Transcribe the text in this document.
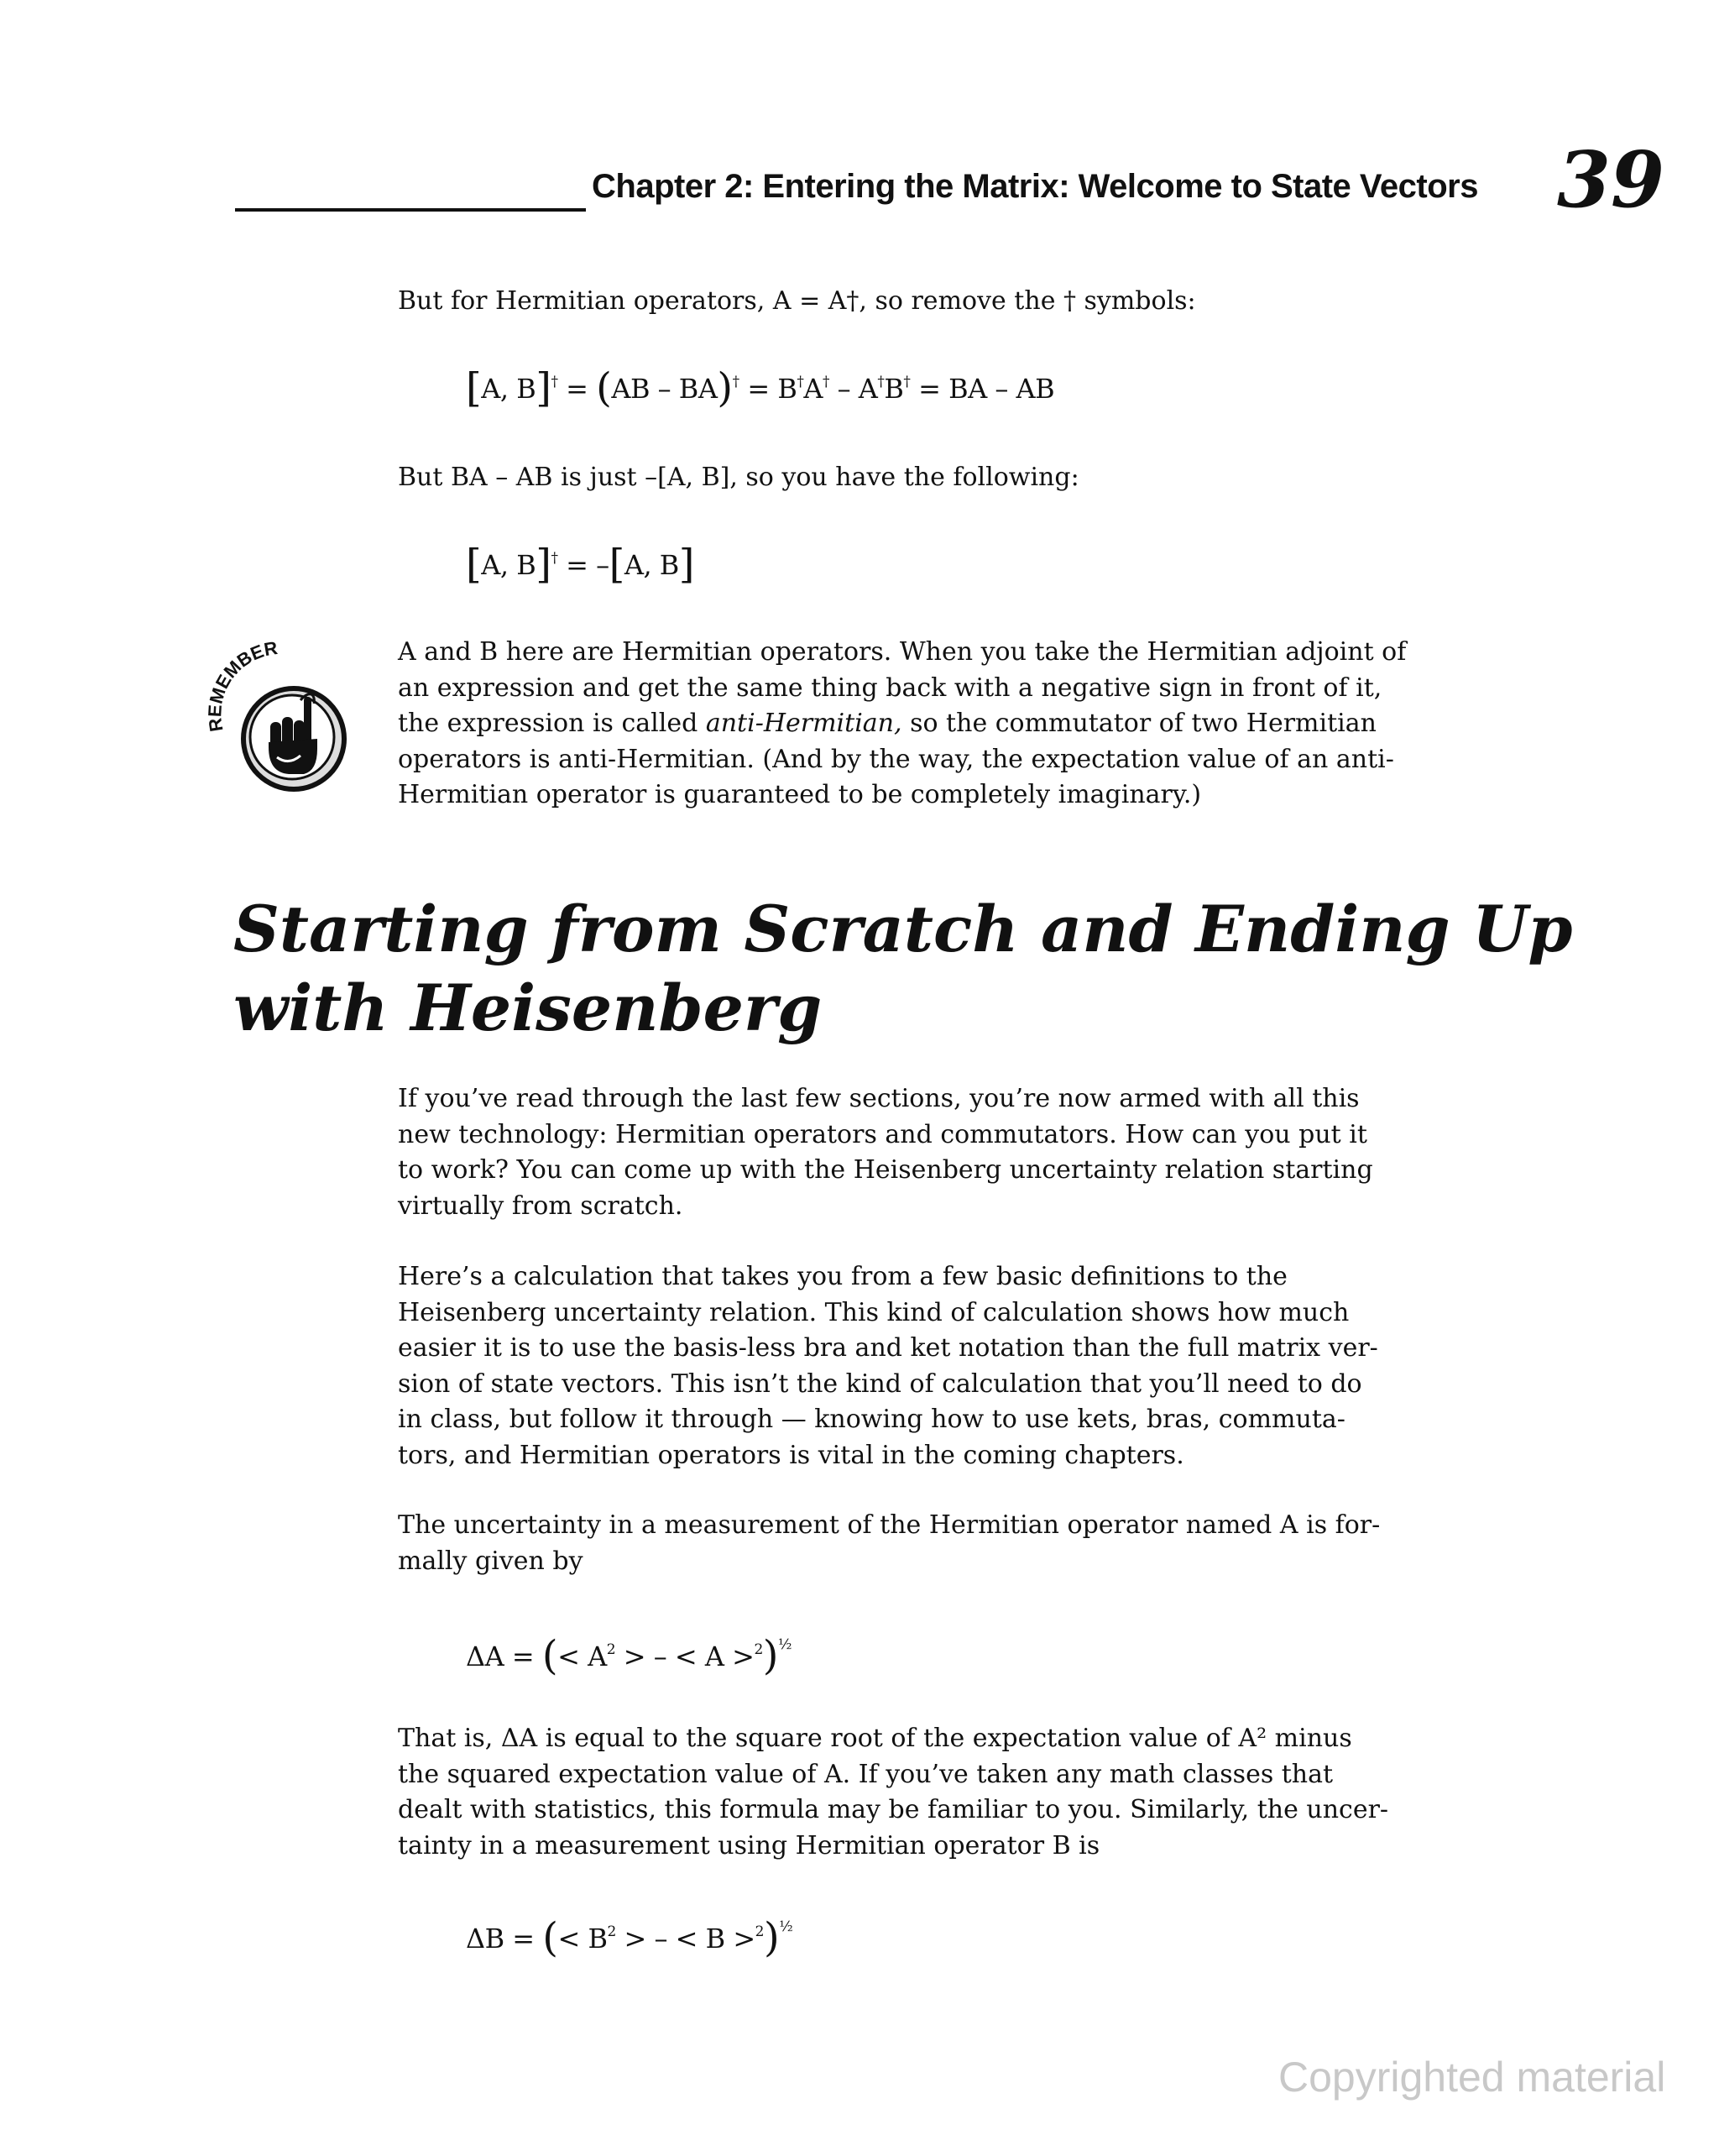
Chapter 2: Entering the Matrix: Welcome to State Vectors 39

But for Hermitian operators, A = A†, so remove the † symbols:

[A, B]† = (AB – BA)† = B†A† – A†B† = BA – AB

But BA – AB is just –[A, B], so you have the following:

[A, B]† = –[A, B]
REMEMBER	A and B here are Hermitian operators. When you take the Hermitian adjoint of
an expression and get the same thing back with a negative sign in front of it,
the expression is called anti-Hermitian, so the commutator of two Hermitian
operators is anti-Hermitian. (And by the way, the expectation value of an anti-
Hermitian operator is guaranteed to be completely imaginary.)
Starting from Scratch and Ending Up
with Heisenberg
If you’ve read through the last few sections, you’re now armed with all this
new technology: Hermitian operators and commutators. How can you put it
to work? You can come up with the Heisenberg uncertainty relation starting
virtually from scratch.
Here’s a calculation that takes you from a few basic definitions to the
Heisenberg uncertainty relation. This kind of calculation shows how much
easier it is to use the basis-less bra and ket notation than the full matrix ver-
sion of state vectors. This isn’t the kind of calculation that you’ll need to do
in class, but follow it through — knowing how to use kets, bras, commuta-
tors, and Hermitian operators is vital in the coming chapters.
The uncertainty in a measurement of the Hermitian operator named A is for-
mally given by
ΔA = (< $A^2$ > – < A >$^2$)$^{\frac{1}{2}}$
That is, ΔA is equal to the square root of the expectation value of A² minus
the squared expectation value of A. If you’ve taken any math classes that
dealt with statistics, this formula may be familiar to you. Similarly, the uncer-
tainty in a measurement using Hermitian operator B is
ΔB = (< $B^2$ > – < B >$^2$)$^{\frac{1}{2}}$
Copyrighted material
